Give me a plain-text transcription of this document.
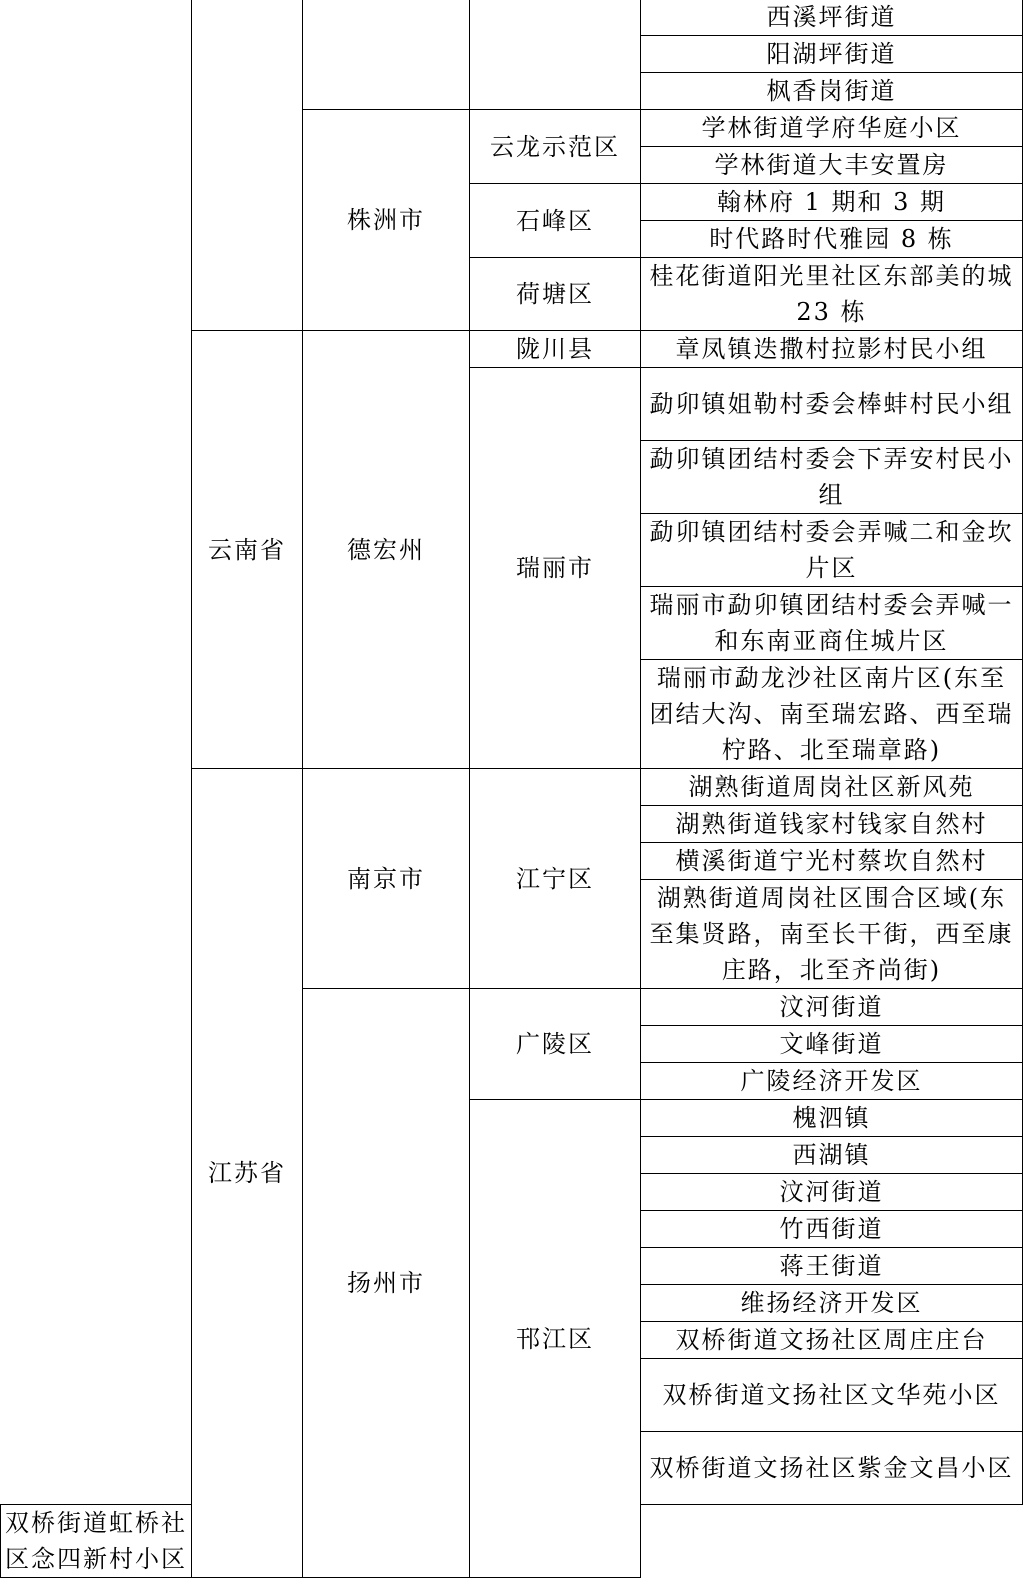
				西溪坪街道
				阳湖坪街道
				枫香岗街道
		株洲市	云龙示范区	学林街道学府华庭小区
				学林街道大丰安置房
			石峰区	翰林府 1 期和 3 期
				时代路时代雅园 8 栋
			荷塘区	桂花街道阳光里社区东部美的城 23 栋
	云南省	德宏州	陇川县	章凤镇迭撒村拉影村民小组
			瑞丽市	勐卯镇姐勒村委会棒蚌村民小组
				勐卯镇团结村委会下弄安村民小组
				勐卯镇团结村委会弄喊二和金坎片区
				瑞丽市勐卯镇团结村委会弄喊一和东南亚商住城片区
				瑞丽市勐龙沙社区南片区(东至团结大沟、南至瑞宏路、西至瑞柠路、北至瑞章路)
	江苏省	南京市	江宁区	湖熟街道周岗社区新风苑
				湖熟街道钱家村钱家自然村
				横溪街道宁光村蔡坎自然村
				湖熟街道周岗社区围合区域(东至集贤路，南至长干街，西至康庄路，北至齐尚街)
		扬州市	广陵区	汶河街道
				文峰街道
				广陵经济开发区
			邗江区	槐泗镇
				西湖镇
				汶河街道
				竹西街道
				蒋王街道
				维扬经济开发区
				双桥街道文扬社区周庄庄台
				双桥街道文扬社区文华苑小区
				双桥街道文扬社区紫金文昌小区
双桥街道虹桥社区念四新村小区				
